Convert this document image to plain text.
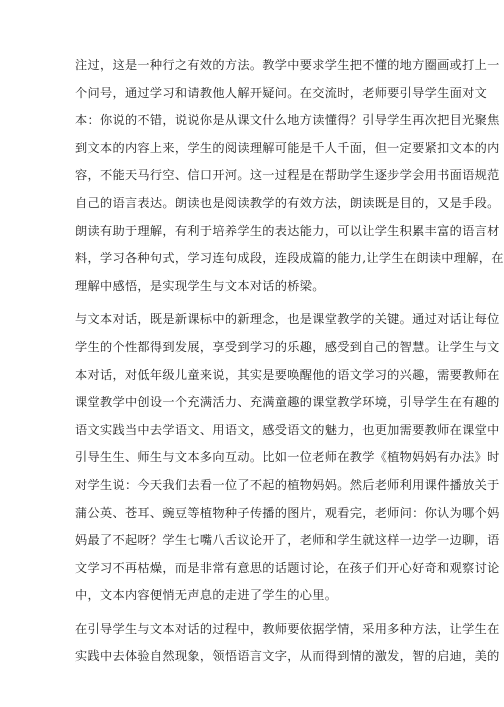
注过，这是一种行之有效的方法。教学中要求学生把不懂的地方圈画或打上一
个问号，通过学习和请教他人解开疑问。在交流时，老师要引导学生面对文
本：你说的不错，说说你是从课文什么地方读懂得？引导学生再次把目光聚焦
到文本的内容上来，学生的阅读理解可能是千人千面，但一定要紧扣文本的内
容，不能天马行空、信口开河。这一过程是在帮助学生逐步学会用书面语规范
自己的语言表达。朗读也是阅读教学的有效方法，朗读既是目的，又是手段。
朗读有助于理解，有利于培养学生的表达能力，可以让学生积累丰富的语言材
料，学习各种句式，学习连句成段，连段成篇的能力,让学生在朗读中理解，在
理解中感悟，是实现学生与文本对话的桥梁。

与文本对话，既是新课标中的新理念，也是课堂教学的关键。通过对话让每位
学生的个性都得到发展，享受到学习的乐趣，感受到自己的智慧。让学生与文
本对话，对低年级儿童来说，其实是要唤醒他的语文学习的兴趣，需要教师在
课堂教学中创设一个充满活力、充满童趣的课堂教学环境，引导学生在有趣的
语文实践当中去学语文、用语文，感受语文的魅力，也更加需要教师在课堂中
引导生生、师生与文本多向互动。比如一位老师在教学《植物妈妈有办法》时
对学生说：今天我们去看一位了不起的植物妈妈。然后老师利用课件播放关于
蒲公英、苍耳、豌豆等植物种子传播的图片，观看完，老师问：你认为哪个妈
妈最了不起呀？学生七嘴八舌议论开了，老师和学生就这样一边学一边聊，语
文学习不再枯燥，而是非常有意思的话题讨论，在孩子们开心好奇和观察讨论
中，文本内容便悄无声息的走进了学生的心里。

在引导学生与文本对话的过程中，教师要依据学情，采用多种方法，让学生在
实践中去体验自然现象，领悟语言文字，从而得到情的激发，智的启迪，美的
